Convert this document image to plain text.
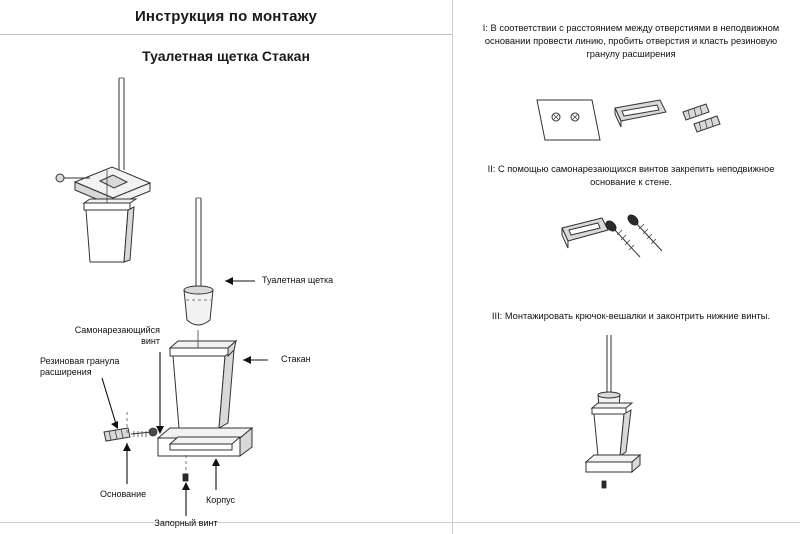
Инструкция по монтажу
Туалетная щетка Стакан
Туалетная щетка
Стакан
Самонарезающийся винт
Резиновая гранула расширения
Основание
Корпус
Запорный винт
I: В соответствии с расстоянием между отверстиями в неподвижном основании провести линию, пробить отверстия и класть резиновую гранулу расширения
II: С помощью самонарезающихся винтов закрепить неподвижное основание к стене.
III: Монтажировать крючок-вешалки и законтрить нижние винты.
